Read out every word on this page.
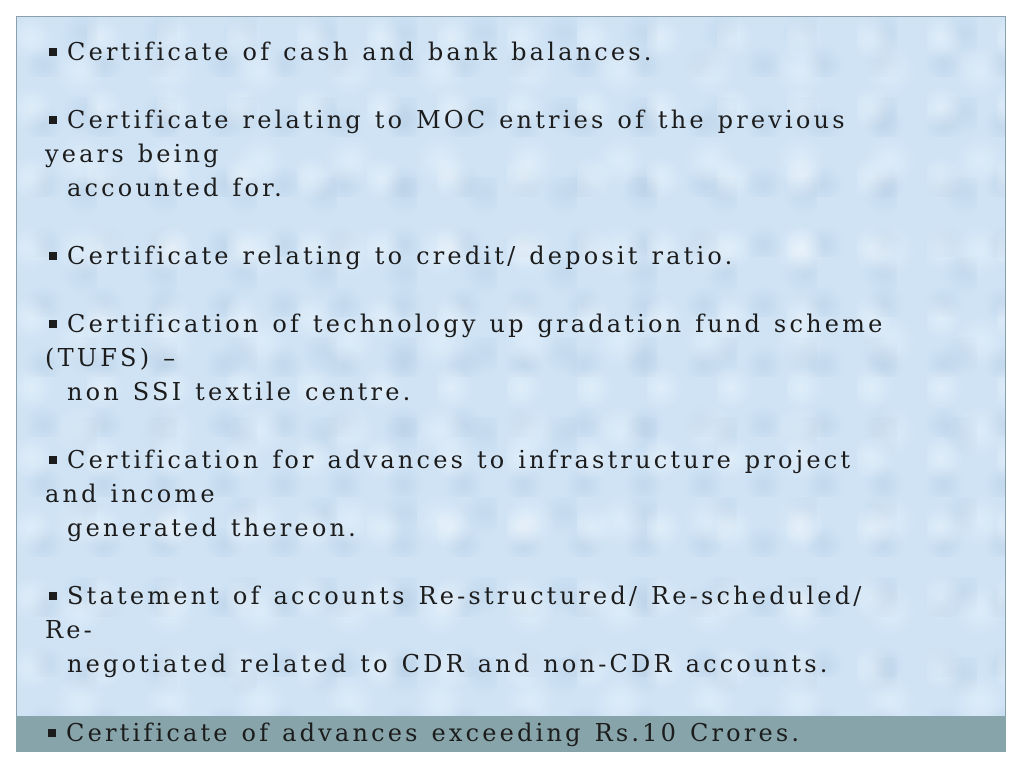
Certificate of cash and bank balances.
Certificate relating to MOC entries of the previous
years being
accounted for.
Certificate relating to credit/ deposit ratio.
Certification of technology up gradation fund scheme
(TUFS) –
non SSI textile centre.
Certification for advances to infrastructure project
and income
generated thereon.
Statement of accounts Re-structured/ Re-scheduled/
Re-
negotiated related to CDR and non-CDR accounts.
Certificate of advances exceeding Rs.10 Crores.
